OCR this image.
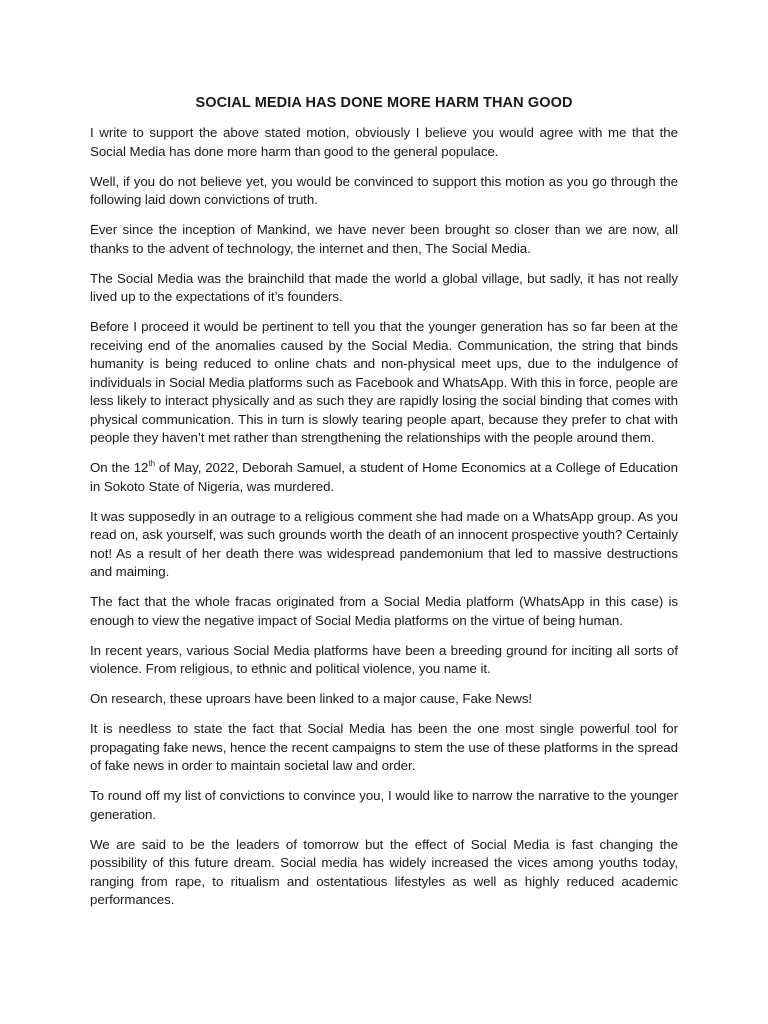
SOCIAL MEDIA HAS DONE MORE HARM THAN GOOD

I write to support the above stated motion, obviously I believe you would agree with me that the Social Media has done more harm than good to the general populace.

Well, if you do not believe yet, you would be convinced to support this motion as you go through the following laid down convictions of truth.

Ever since the inception of Mankind, we have never been brought so closer than we are now, all thanks to the advent of technology, the internet and then, The Social Media.

The Social Media was the brainchild that made the world a global village, but sadly, it has not really lived up to the expectations of it’s founders.

Before I proceed it would be pertinent to tell you that the younger generation has so far been at the receiving end of the anomalies caused by the Social Media. Communication, the string that binds humanity is being reduced to online chats and non-physical meet ups, due to the indulgence of individuals in Social Media platforms such as Facebook and WhatsApp. With this in force, people are less likely to interact physically and as such they are rapidly losing the social binding that comes with physical communication. This in turn is slowly tearing people apart, because they prefer to chat with people they haven’t met rather than strengthening the relationships with the people around them.

On the 12th of May, 2022, Deborah Samuel, a student of Home Economics at a College of Education in Sokoto State of Nigeria, was murdered.

It was supposedly in an outrage to a religious comment she had made on a WhatsApp group. As you read on, ask yourself, was such grounds worth the death of an innocent prospective youth? Certainly not! As a result of her death there was widespread pandemonium that led to massive destructions and maiming.

The fact that the whole fracas originated from a Social Media platform (WhatsApp in this case) is enough to view the negative impact of Social Media platforms on the virtue of being human.

In recent years, various Social Media platforms have been a breeding ground for inciting all sorts of violence. From religious, to ethnic and political violence, you name it.

On research, these uproars have been linked to a major cause, Fake News!

It is needless to state the fact that Social Media has been the one most single powerful tool for propagating fake news, hence the recent campaigns to stem the use of these platforms in the spread of fake news in order to maintain societal law and order.

To round off my list of convictions to convince you, I would like to narrow the narrative to the younger generation.

We are said to be the leaders of tomorrow but the effect of Social Media is fast changing the possibility of this future dream. Social media has widely increased the vices among youths today, ranging from rape, to ritualism and ostentatious lifestyles as well as highly reduced academic performances.
